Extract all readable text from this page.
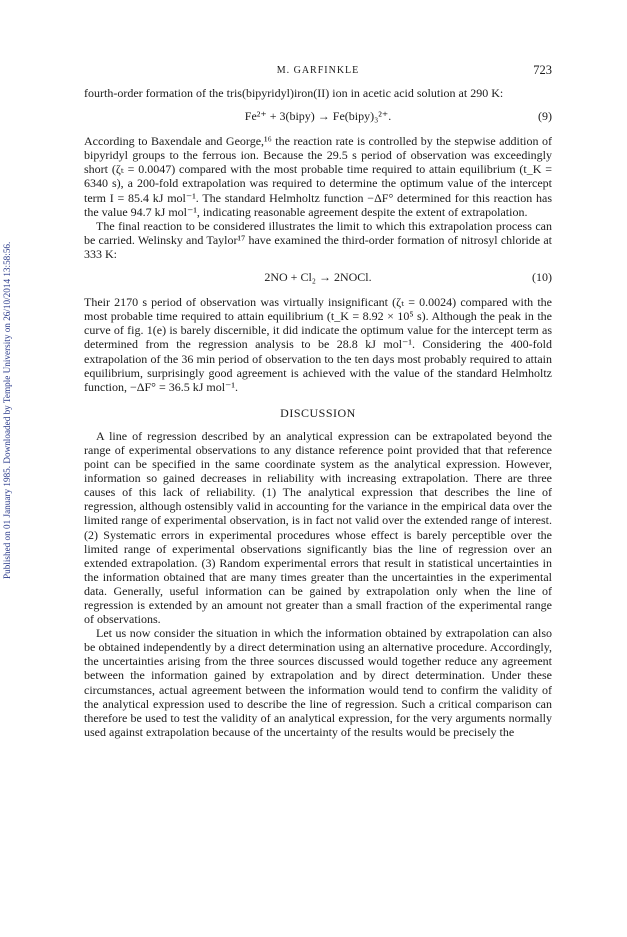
Published on 01 January 1985. Downloaded by Temple University on 26/10/2014 13:58:56.
M. GARFINKLE	723

fourth-order formation of the tris(bipyridyl)iron(II) ion in acetic acid solution at 290 K:

Fe²⁺ + 3(bipy) → Fe(bipy)₃²⁺.	(9)

According to Baxendale and George,¹⁶ the reaction rate is controlled by the stepwise addition of bipyridyl groups to the ferrous ion. Because the 29.5 s period of observation was exceedingly short (ζₜ = 0.0047) compared with the most probable time required to attain equilibrium (t_K = 6340 s), a 200-fold extrapolation was required to determine the optimum value of the intercept term I = 85.4 kJ mol⁻¹. The standard Helmholtz function −ΔF° determined for this reaction has the value 94.7 kJ mol⁻¹, indicating reasonable agreement despite the extent of extrapolation.

The final reaction to be considered illustrates the limit to which this extrapolation process can be carried. Welinsky and Taylor¹⁷ have examined the third-order formation of nitrosyl chloride at 333 K:

2NO + Cl₂ → 2NOCl.	(10)

Their 2170 s period of observation was virtually insignificant (ζₜ = 0.0024) compared with the most probable time required to attain equilibrium (t_K = 8.92 × 10⁵ s). Although the peak in the curve of fig. 1(e) is barely discernible, it did indicate the optimum value for the intercept term as determined from the regression analysis to be 28.8 kJ mol⁻¹. Considering the 400-fold extrapolation of the 36 min period of observation to the ten days most probably required to attain equilibrium, surprisingly good agreement is achieved with the value of the standard Helmholtz function, −ΔF° = 36.5 kJ mol⁻¹.

DISCUSSION

A line of regression described by an analytical expression can be extrapolated beyond the range of experimental observations to any distance reference point provided that that reference point can be specified in the same coordinate system as the analytical expression. However, information so gained decreases in reliability with increasing extrapolation. There are three causes of this lack of reliability. (1) The analytical expression that describes the line of regression, although ostensibly valid in accounting for the variance in the empirical data over the limited range of experimental observation, is in fact not valid over the extended range of interest. (2) Systematic errors in experimental procedures whose effect is barely perceptible over the limited range of experimental observations significantly bias the line of regression over an extended extrapolation. (3) Random experimental errors that result in statistical uncertainties in the information obtained that are many times greater than the uncertainties in the experimental data. Generally, useful information can be gained by extrapolation only when the line of regression is extended by an amount not greater than a small fraction of the experimental range of observations.

Let us now consider the situation in which the information obtained by extrapolation can also be obtained independently by a direct determination using an alternative procedure. Accordingly, the uncertainties arising from the three sources discussed would together reduce any agreement between the information gained by extrapolation and by direct determination. Under these circumstances, actual agreement between the information would tend to confirm the validity of the analytical expression used to describe the line of regression. Such a critical comparison can therefore be used to test the validity of an analytical expression, for the very arguments normally used against extrapolation because of the uncertainty of the results would be precisely the
